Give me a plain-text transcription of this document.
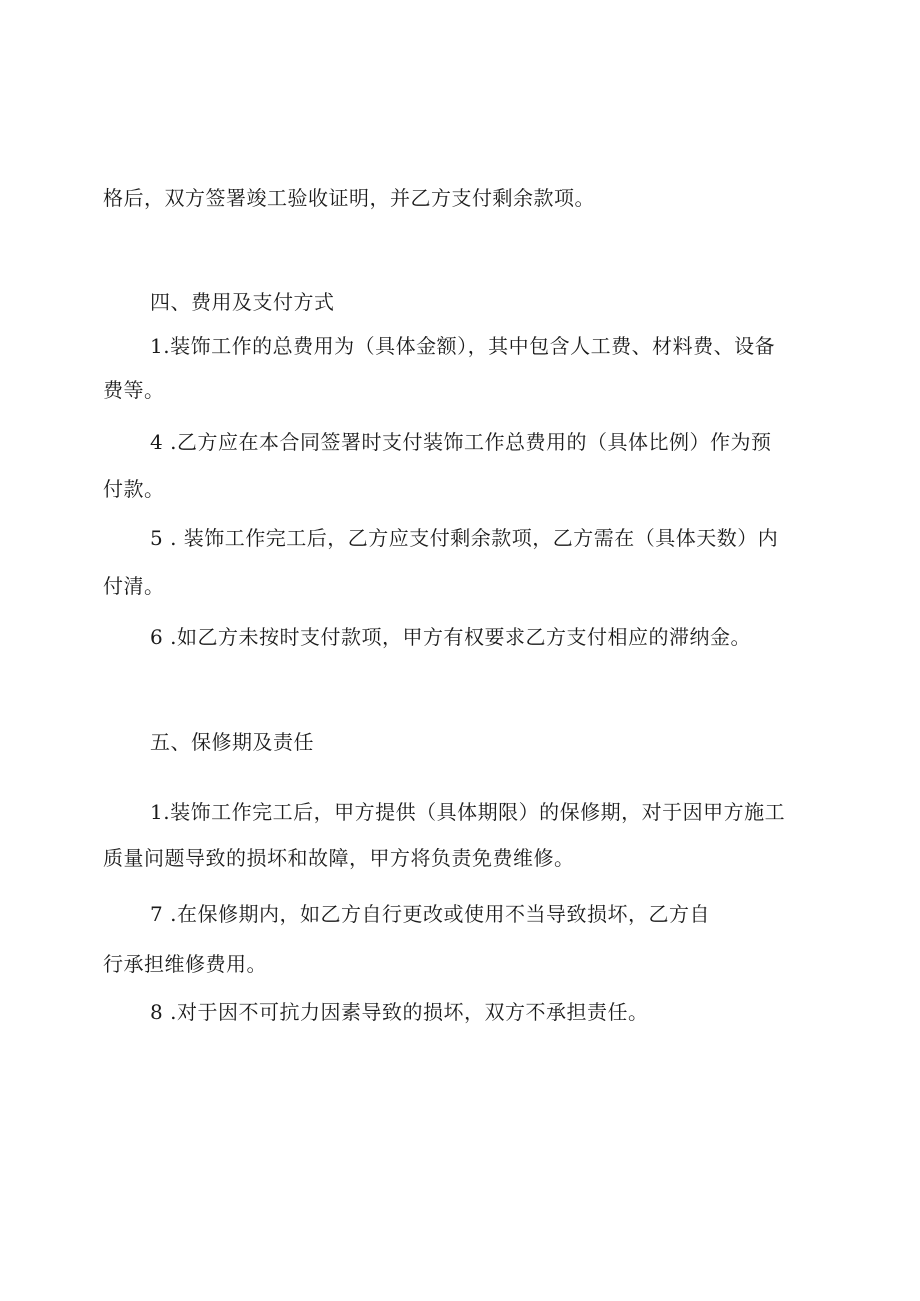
格后，双方签署竣工验收证明，并乙方支付剩余款项。
四、费用及支付方式
1.装饰工作的总费用为（具体金额），其中包含人工费、材料费、设备
费等。
4 .乙方应在本合同签署时支付装饰工作总费用的（具体比例）作为预
付款。
5 . 装饰工作完工后，乙方应支付剩余款项，乙方需在（具体天数）内
付清。
6 .如乙方未按时支付款项，甲方有权要求乙方支付相应的滞纳金。
五、保修期及责任
1.装饰工作完工后，甲方提供（具体期限）的保修期，对于因甲方施工
质量问题导致的损坏和故障，甲方将负责免费维修。
7 .在保修期内，如乙方自行更改或使用不当导致损坏，乙方自
行承担维修费用。
8 .对于因不可抗力因素导致的损坏，双方不承担责任。
